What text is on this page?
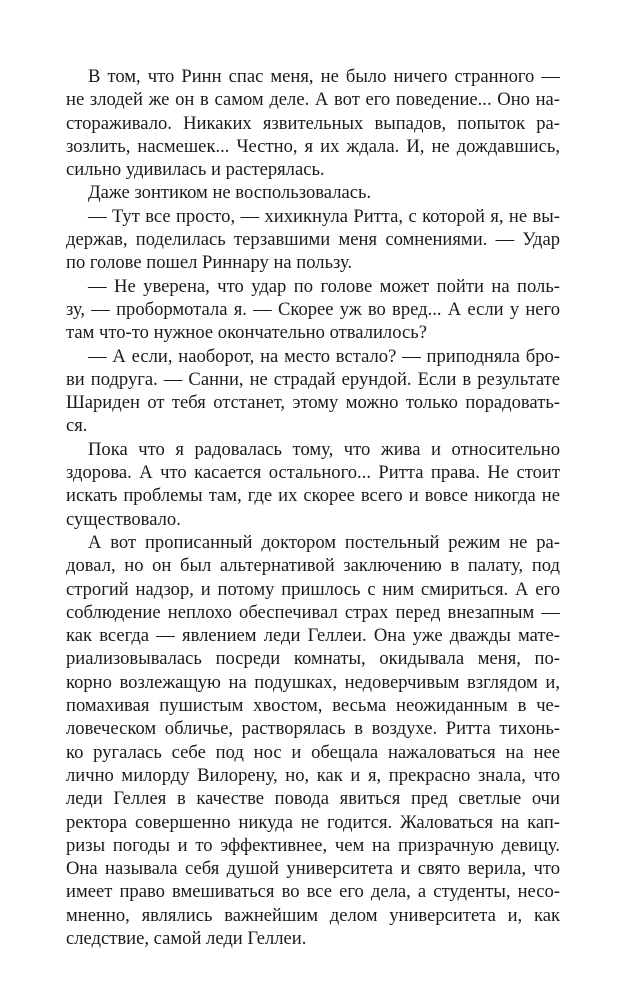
В том, что Ринн спас меня, не было ничего странного —
не злодей же он в самом деле. А вот его поведение... Оно на-
стораживало. Никаких язвительных выпадов, попыток ра-
зозлить, насмешек... Честно, я их ждала. И, не дождавшись,
сильно удивилась и растерялась.
Даже зонтиком не воспользовалась.
— Тут все просто, — хихикнула Ритта, с которой я, не вы-
держав, поделилась терзавшими меня сомнениями. — Удар
по голове пошел Риннару на пользу.
— Не уверена, что удар по голове может пойти на поль-
зу, — пробормотала я. — Скорее уж во вред... А если у него
там что-то нужное окончательно отвалилось?
— А если, наоборот, на место встало? — приподняла бро-
ви подруга. — Санни, не страдай ерундой. Если в результате
Шариден от тебя отстанет, этому можно только порадовать-
ся.
Пока что я радовалась тому, что жива и относительно
здорова. А что касается остального... Ритта права. Не стоит
искать проблемы там, где их скорее всего и вовсе никогда не
существовало.
А вот прописанный доктором постельный режим не ра-
довал, но он был альтернативой заключению в палату, под
строгий надзор, и потому пришлось с ним смириться. А его
соблюдение неплохо обеспечивал страх перед внезапным —
как всегда — явлением леди Геллеи. Она уже дважды мате-
риализовывалась посреди комнаты, окидывала меня, по-
корно возлежащую на подушках, недоверчивым взглядом и,
помахивая пушистым хвостом, весьма неожиданным в че-
ловеческом обличье, растворялась в воздухе. Ритта тихонь-
ко ругалась себе под нос и обещала нажаловаться на нее
лично милорду Вилорену, но, как и я, прекрасно знала, что
леди Геллея в качестве повода явиться пред светлые очи
ректора совершенно никуда не годится. Жаловаться на кап-
ризы погоды и то эффективнее, чем на призрачную девицу.
Она называла себя душой университета и свято верила, что
имеет право вмешиваться во все его дела, а студенты, несо-
мненно, являлись важнейшим делом университета и, как
следствие, самой леди Геллеи.
